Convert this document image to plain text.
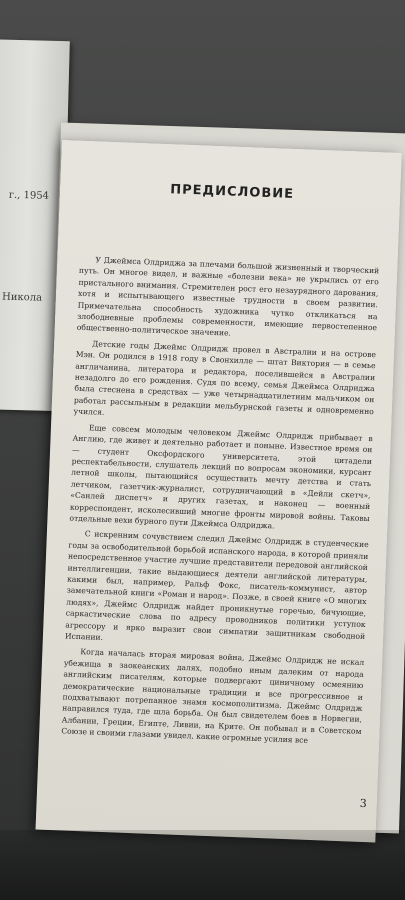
г., 1954
Никола
ПРЕДИСЛОВИЕ

У Джеймса Олдриджа за плечами большой жизненный и творческий путь. Он многое видел, и важные «болезни века» не укрылись от его пристального внимания. Стремителен рост его незаурядного дарования, хотя и испытывающего известные трудности в своем развитии. Примечательна способность художника чутко откликаться на злободневные проблемы современности, имеющие первостепенное общественно-политическое значение.

Детские годы Джеймс Олдридж провел в Австралии и на острове Мэн. Он родился в 1918 году в Свонхилле — штат Виктория — в семье англичанина, литератора и редактора, поселившейся в Австралии незадолго до его рождения. Судя по всему, семья Джеймса Олдриджа была стеснена в средствах — уже четырнадцатилетним мальчиком он работал рассыльным в редакции мельбурнской газеты и одновременно учился.

Еще совсем молодым человеком Джеймс Олдридж прибывает в Англию, где живет и деятельно работает и поныне. Известное время он — студент Оксфордского университета, этой цитадели респектабельности, слушатель лекций по вопросам экономики, курсант летной школы, пытающийся осуществить мечту детства и стать летчиком, газетчик-журналист, сотрудничающий в «Дейли скетч», «Санлей диспетч» и других газетах, и наконец — военный корреспондент, исколесивший многие фронты мировой войны. Таковы отдельные вехи бурного пути Джеймса Олдриджа.

С искренним сочувствием следил Джеймс Олдридж в студенческие годы за освободительной борьбой испанского народа, в которой приняли непосредственное участие лучшие представители передовой английской интеллигенции, такие выдающиеся деятели английской литературы, какими был, например, Ральф Фокс, писатель-коммунист, автор замечательной книги «Роман и народ». Позже, в своей книге «О многих людях», Джеймс Олдридж найдет проникнутые горечью, бичующие, саркастические слова по адресу проводников политики уступок агрессору и ярко выразит свои симпатии защитникам свободной Испании.

Когда началась вторая мировая война, Джеймс Олдридж не искал убежища в заокеанских далях, подобно иным далеким от народа английским писателям, которые подвергают циничному осмеянию демократические национальные традиции и все прогрессивное и подхватывают потрепанное знамя космополитизма. Джеймс Олдридж направился туда, где шла борьба. Он был свидетелем боев в Норвегии, Албании, Греции, Египте, Ливии, на Крите. Он побывал и в Советском Союзе и своими глазами увидел, какие огромные усилия все

3
